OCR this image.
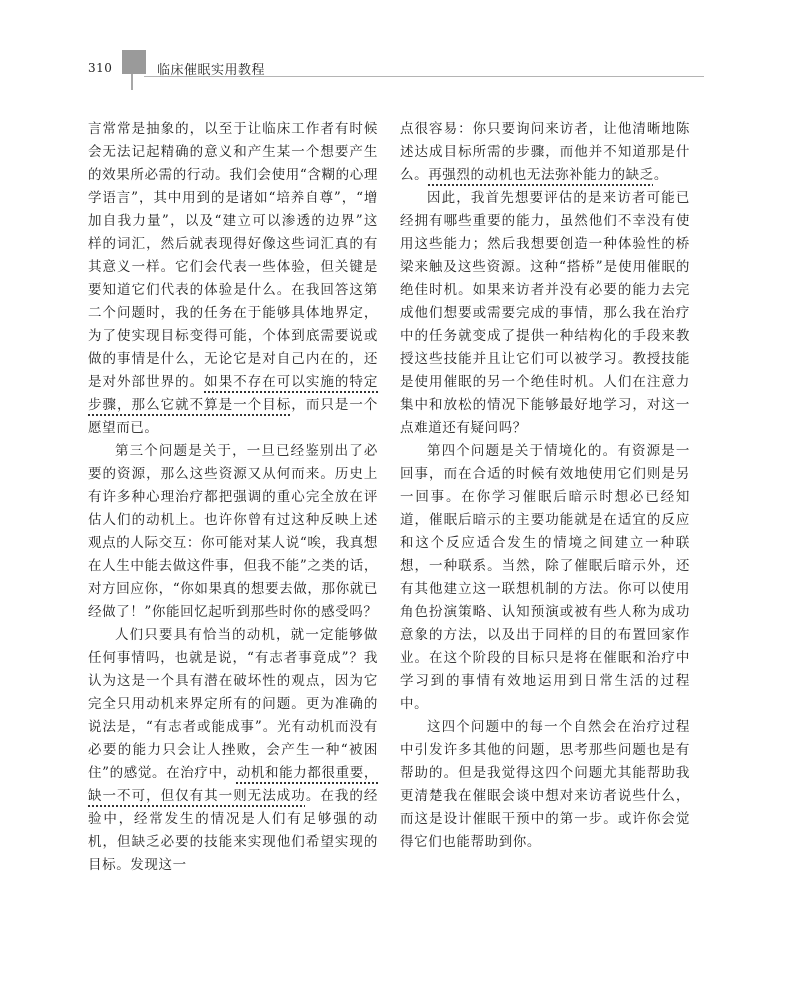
310	临床催眠实用教程

言常常是抽象的，以至于让临床工作者有时候会无法记起精确的意义和产生某一个想要产生的效果所必需的行动。我们会使用“含糊的心理学语言”，其中用到的是诸如“培养自尊”，“增加自我力量”，以及“建立可以渗透的边界”这样的词汇，然后就表现得好像这些词汇真的有其意义一样。它们会代表一些体验，但关键是要知道它们代表的体验是什么。在我回答这第二个问题时，我的任务在于能够具体地界定，为了使实现目标变得可能，个体到底需要说或做的事情是什么，无论它是对自己内在的，还是对外部世界的。如果不存在可以实施的特定步骤，那么它就不算是一个目标，而只是一个愿望而已。

第三个问题是关于，一旦已经鉴别出了必要的资源，那么这些资源又从何而来。历史上有许多种心理治疗都把强调的重心完全放在评估人们的动机上。也许你曾有过这种反映上述观点的人际交互：你可能对某人说“唉，我真想在人生中能去做这件事，但我不能”之类的话，对方回应你，“你如果真的想要去做，那你就已经做了！”你能回忆起听到那些时你的感受吗？

人们只要具有恰当的动机，就一定能够做任何事情吗，也就是说，“有志者事竟成”？我认为这是一个具有潜在破坏性的观点，因为它完全只用动机来界定所有的问题。更为准确的说法是，“有志者或能成事”。光有动机而没有必要的能力只会让人挫败，会产生一种“被困住”的感觉。在治疗中，动机和能力都很重要，缺一不可，但仅有其一则无法成功。在我的经验中，经常发生的情况是人们有足够强的动机，但缺乏必要的技能来实现他们希望实现的目标。发现这一

点很容易：你只要询问来访者，让他清晰地陈述达成目标所需的步骤，而他并不知道那是什么。再强烈的动机也无法弥补能力的缺乏。

因此，我首先想要评估的是来访者可能已经拥有哪些重要的能力，虽然他们不幸没有使用这些能力；然后我想要创造一种体验性的桥梁来触及这些资源。这种“搭桥”是使用催眠的绝佳时机。如果来访者并没有必要的能力去完成他们想要或需要完成的事情，那么我在治疗中的任务就变成了提供一种结构化的手段来教授这些技能并且让它们可以被学习。教授技能是使用催眠的另一个绝佳时机。人们在注意力集中和放松的情况下能够最好地学习，对这一点难道还有疑问吗？

第四个问题是关于情境化的。有资源是一回事，而在合适的时候有效地使用它们则是另一回事。在你学习催眠后暗示时想必已经知道，催眠后暗示的主要功能就是在适宜的反应和这个反应适合发生的情境之间建立一种联想，一种联系。当然，除了催眠后暗示外，还有其他建立这一联想机制的方法。你可以使用角色扮演策略、认知预演或被有些人称为成功意象的方法，以及出于同样的目的布置回家作业。在这个阶段的目标只是将在催眠和治疗中学习到的事情有效地运用到日常生活的过程中。

这四个问题中的每一个自然会在治疗过程中引发许多其他的问题，思考那些问题也是有帮助的。但是我觉得这四个问题尤其能帮助我更清楚我在催眠会谈中想对来访者说些什么，而这是设计催眠干预中的第一步。或许你会觉得它们也能帮助到你。
